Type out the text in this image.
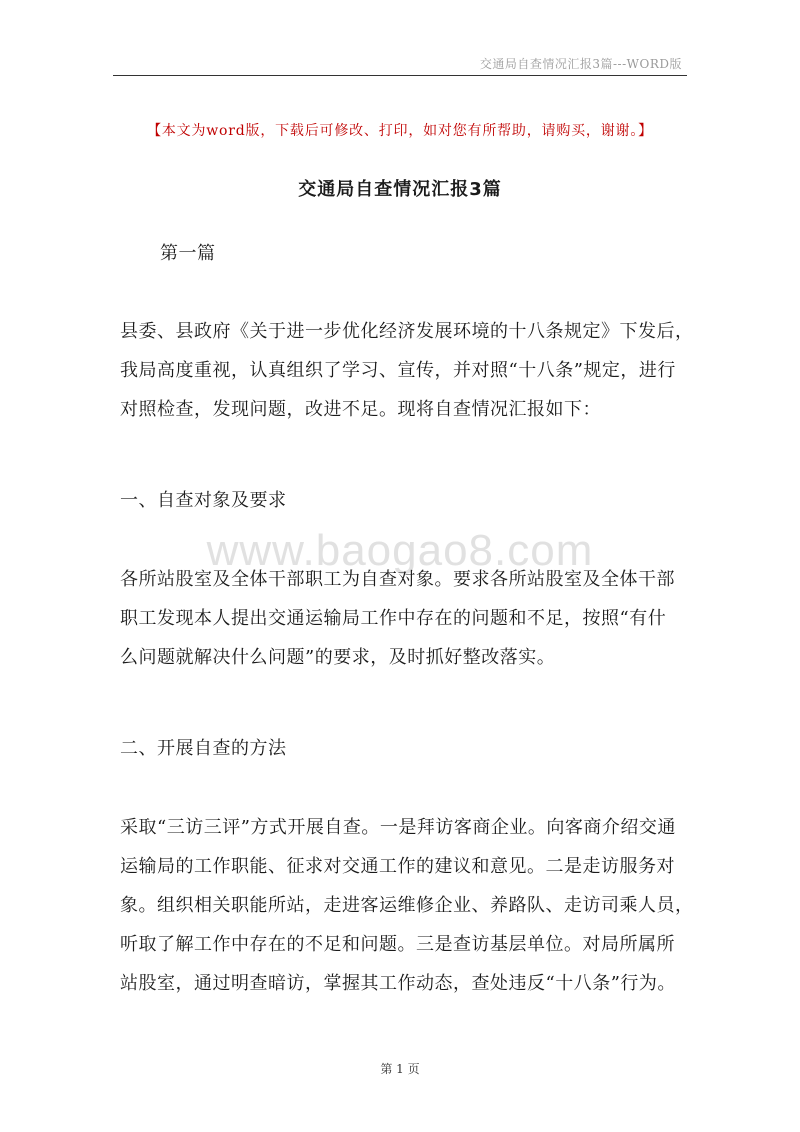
交通局自查情况汇报3篇---WORD版
【本文为word版，下载后可修改、打印，如对您有所帮助，请购买，谢谢。】
交通局自查情况汇报3篇
第一篇
县委、县政府《关于进一步优化经济发展环境的十八条规定》下发后，
我局高度重视，认真组织了学习、宣传，并对照“十八条”规定，进行
对照检查，发现问题，改进不足。现将自查情况汇报如下：
一、自查对象及要求
www.baogao8.com
各所站股室及全体干部职工为自查对象。要求各所站股室及全体干部
职工发现本人提出交通运输局工作中存在的问题和不足，按照“有什
么问题就解决什么问题”的要求，及时抓好整改落实。
二、开展自查的方法
采取“三访三评”方式开展自查。一是拜访客商企业。向客商介绍交通
运输局的工作职能、征求对交通工作的建议和意见。二是走访服务对
象。组织相关职能所站，走进客运维修企业、养路队、走访司乘人员，
听取了解工作中存在的不足和问题。三是查访基层单位。对局所属所
站股室，通过明查暗访，掌握其工作动态，查处违反“十八条”行为。
第 1 页
